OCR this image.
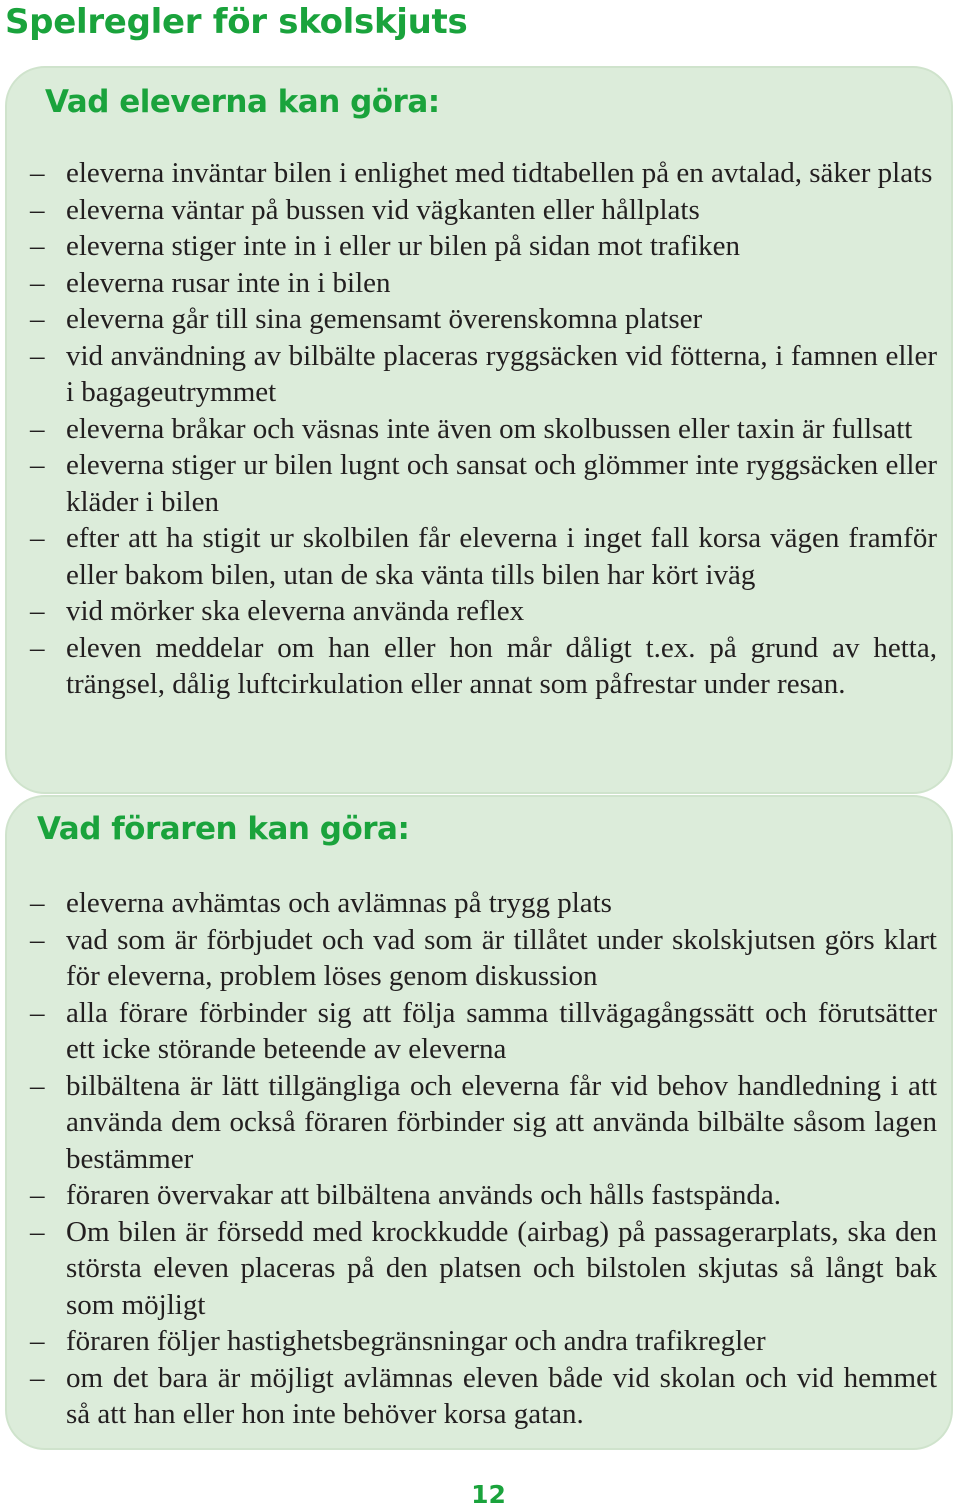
Spelregler för skolskjuts
Vad eleverna kan göra:
– eleverna inväntar bilen i enlighet med tidtabellen på en avtalad, säker plats
– eleverna väntar på bussen vid vägkanten eller hållplats
– eleverna stiger inte in i eller ur bilen på sidan mot trafiken
– eleverna rusar inte in i bilen
– eleverna går till sina gemensamt överenskomna platser
– vid användning av bilbälte placeras ryggsäcken vid fötterna, i famnen eller i bagageutrymmet
– eleverna bråkar och väsnas inte även om skolbussen eller taxin är fullsatt
– eleverna stiger ur bilen lugnt och sansat och glömmer inte ryggsäcken eller kläder i bilen
– efter att ha stigit ur skolbilen får eleverna i inget fall korsa vägen framför eller bakom bilen, utan de ska vänta tills bilen har kört iväg
– vid mörker ska eleverna använda reflex
– eleven meddelar om han eller hon mår dåligt t.ex. på grund av hetta, trängsel, dålig luftcirkulation eller annat som påfrestar under resan.
Vad föraren kan göra:
– eleverna avhämtas och avlämnas på trygg plats
– vad som är förbjudet och vad som är tillåtet under skolskjutsen görs klart för eleverna, problem löses genom diskussion
– alla förare förbinder sig att följa samma tillvägagångssätt och förutsätter ett icke störande beteende av eleverna
– bilbältena är lätt tillgängliga och eleverna får vid behov handledning i att använda dem också föraren förbinder sig att använda bilbälte såsom lagen bestämmer
– föraren övervakar att bilbältena används och hålls fastspända.
– Om bilen är försedd med krockkudde (airbag) på passagerarplats, ska den största eleven placeras på den platsen och bilstolen skjutas så långt bak som möjligt
– föraren följer hastighetsbegränsningar och andra trafikregler
– om det bara är möjligt avlämnas eleven både vid skolan och vid hemmet så att han eller hon inte behöver korsa gatan.
12
